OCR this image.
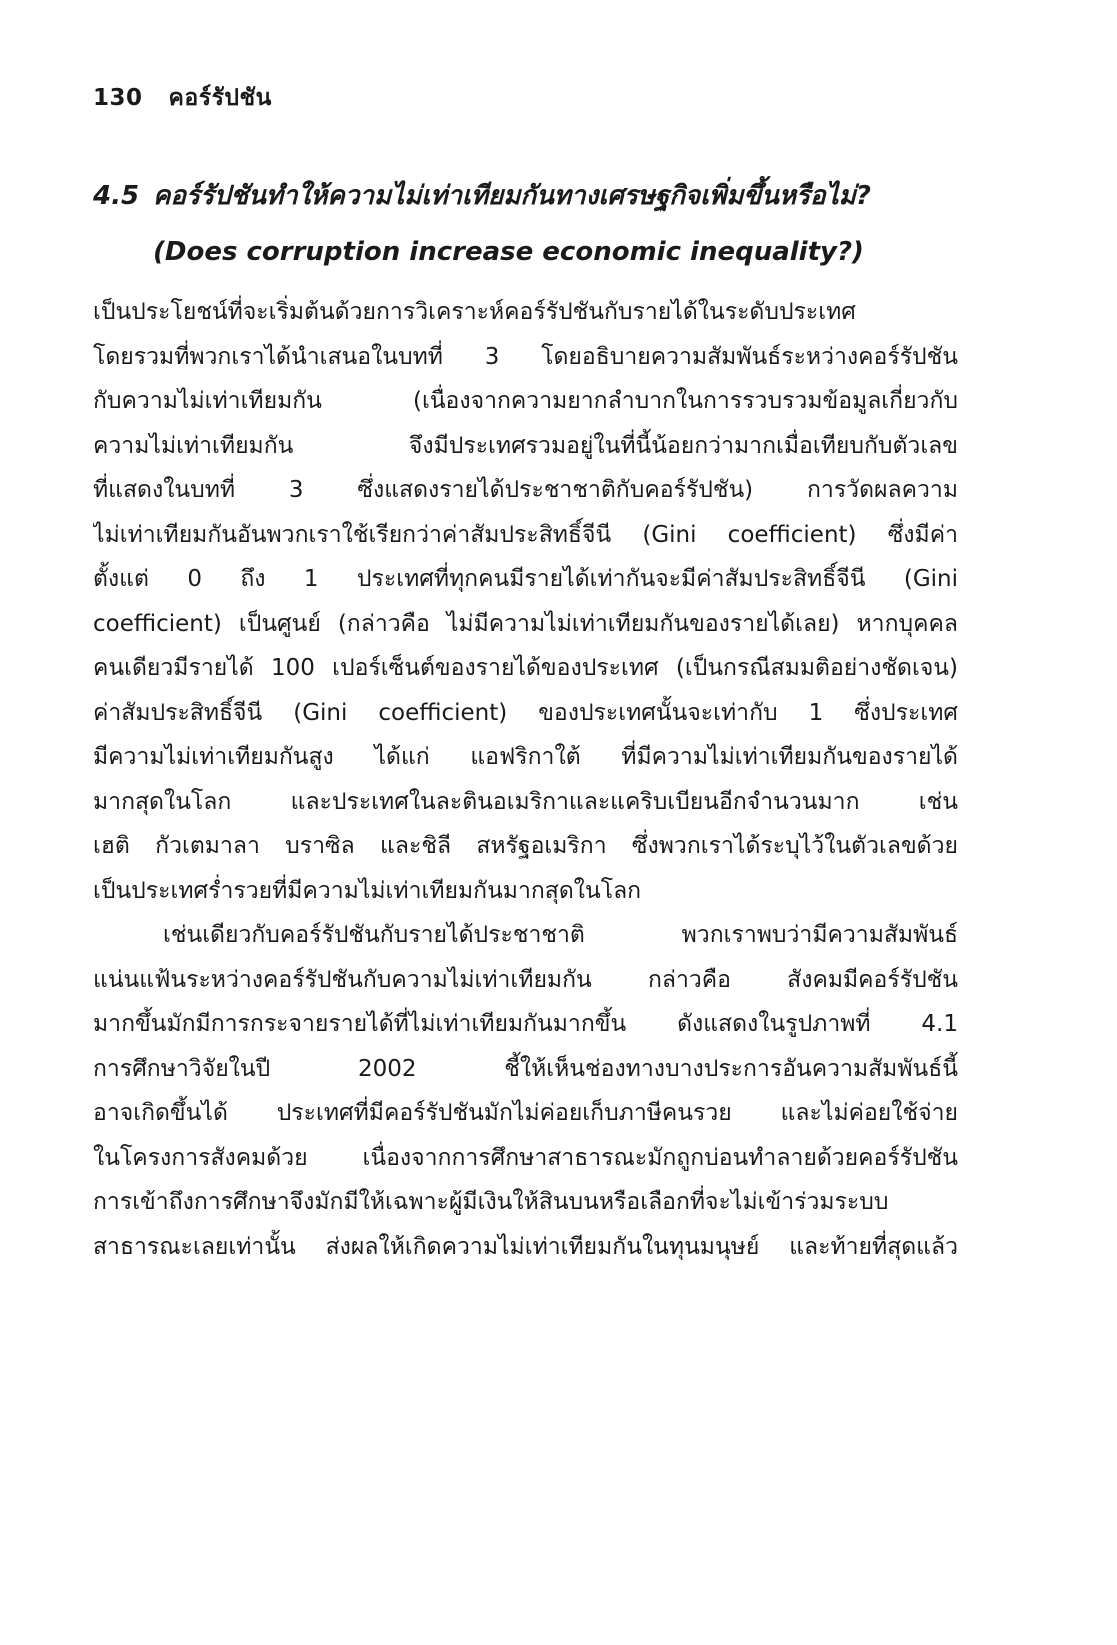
130 คอร์รัปชัน
4.5 คอร์รัปชันทำให้ความไม่เท่าเทียมกันทางเศรษฐกิจเพิ่มขึ้นหรือไม่?
(Does corruption increase economic inequality?)
เป็นประโยชน์ที่จะเริ่มต้นด้วยการวิเคราะห์คอร์รัปชันกับรายได้ในระดับประเทศ
โดยรวมที่พวกเราได้นำเสนอในบทที่ 3 โดยอธิบายความสัมพันธ์ระหว่างคอร์รัปชัน
กับความไม่เท่าเทียมกัน (เนื่องจากความยากลำบากในการรวบรวมข้อมูลเกี่ยวกับ
ความไม่เท่าเทียมกัน จึงมีประเทศรวมอยู่ในที่นี้น้อยกว่ามากเมื่อเทียบกับตัวเลข
ที่แสดงในบทที่ 3 ซึ่งแสดงรายได้ประชาชาติกับคอร์รัปชัน) การวัดผลความ
ไม่เท่าเทียมกันอันพวกเราใช้เรียกว่าค่าสัมประสิทธิ์จีนี (Gini coefficient) ซึ่งมีค่า
ตั้งแต่ 0 ถึง 1 ประเทศที่ทุกคนมีรายได้เท่ากันจะมีค่าสัมประสิทธิ์จีนี (Gini
coefficient) เป็นศูนย์ (กล่าวคือ ไม่มีความไม่เท่าเทียมกันของรายได้เลย) หากบุคคล
คนเดียวมีรายได้ 100 เปอร์เซ็นต์ของรายได้ของประเทศ (เป็นกรณีสมมติอย่างชัดเจน)
ค่าสัมประสิทธิ์จีนี (Gini coefficient) ของประเทศนั้นจะเท่ากับ 1 ซึ่งประเทศ
มีความไม่เท่าเทียมกันสูง ได้แก่ แอฟริกาใต้ ที่มีความไม่เท่าเทียมกันของรายได้
มากสุดในโลก และประเทศในละตินอเมริกาและแคริบเบียนอีกจำนวนมาก เช่น
เฮติ กัวเตมาลา บราซิล และชิลี สหรัฐอเมริกา ซึ่งพวกเราได้ระบุไว้ในตัวเลขด้วย
เป็นประเทศร่ำรวยที่มีความไม่เท่าเทียมกันมากสุดในโลก
เช่นเดียวกับคอร์รัปชันกับรายได้ประชาชาติ พวกเราพบว่ามีความสัมพันธ์
แน่นแฟ้นระหว่างคอร์รัปชันกับความไม่เท่าเทียมกัน กล่าวคือ สังคมมีคอร์รัปชัน
มากขึ้นมักมีการกระจายรายได้ที่ไม่เท่าเทียมกันมากขึ้น ดังแสดงในรูปภาพที่ 4.1
การศึกษาวิจัยในปี 2002 ชี้ให้เห็นช่องทางบางประการอันความสัมพันธ์นี้
อาจเกิดขึ้นได้ ประเทศที่มีคอร์รัปชันมักไม่ค่อยเก็บภาษีคนรวย และไม่ค่อยใช้จ่าย
ในโครงการสังคมด้วย เนื่องจากการศึกษาสาธารณะมักถูกบ่อนทำลายด้วยคอร์รัปชัน
การเข้าถึงการศึกษาจึงมักมีให้เฉพาะผู้มีเงินให้สินบนหรือเลือกที่จะไม่เข้าร่วมระบบ
สาธารณะเลยเท่านั้น ส่งผลให้เกิดความไม่เท่าเทียมกันในทุนมนุษย์ และท้ายที่สุดแล้ว
